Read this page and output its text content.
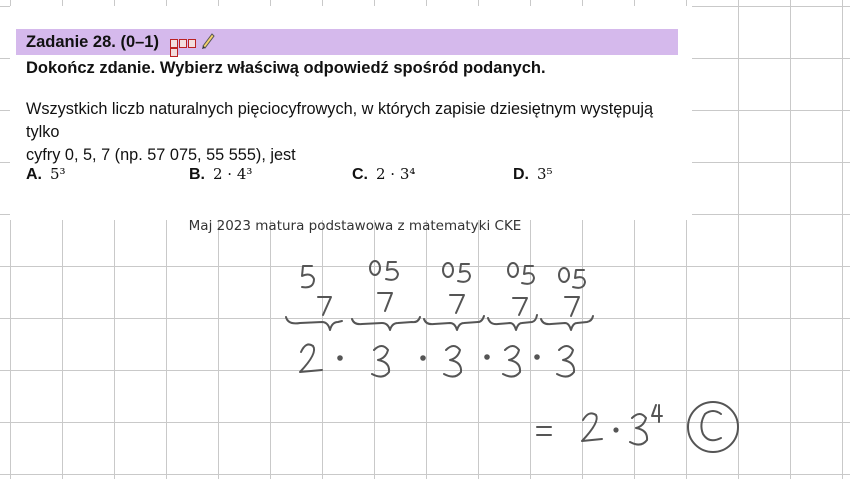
Zadanie 28. (0–1)
Dokończ zdanie. Wybierz właściwą odpowiedź spośród podanych.
Wszystkich liczb naturalnych pięciocyfrowych, w których zapisie dziesiętnym występują tylko
cyfry 0, 5, 7 (np. 57 075, 55 555), jest
A. 5³	B. 2 · 4³	C. 2 · 3⁴	D. 3⁵
Maj 2023 matura podstawowa z matematyki CKE
